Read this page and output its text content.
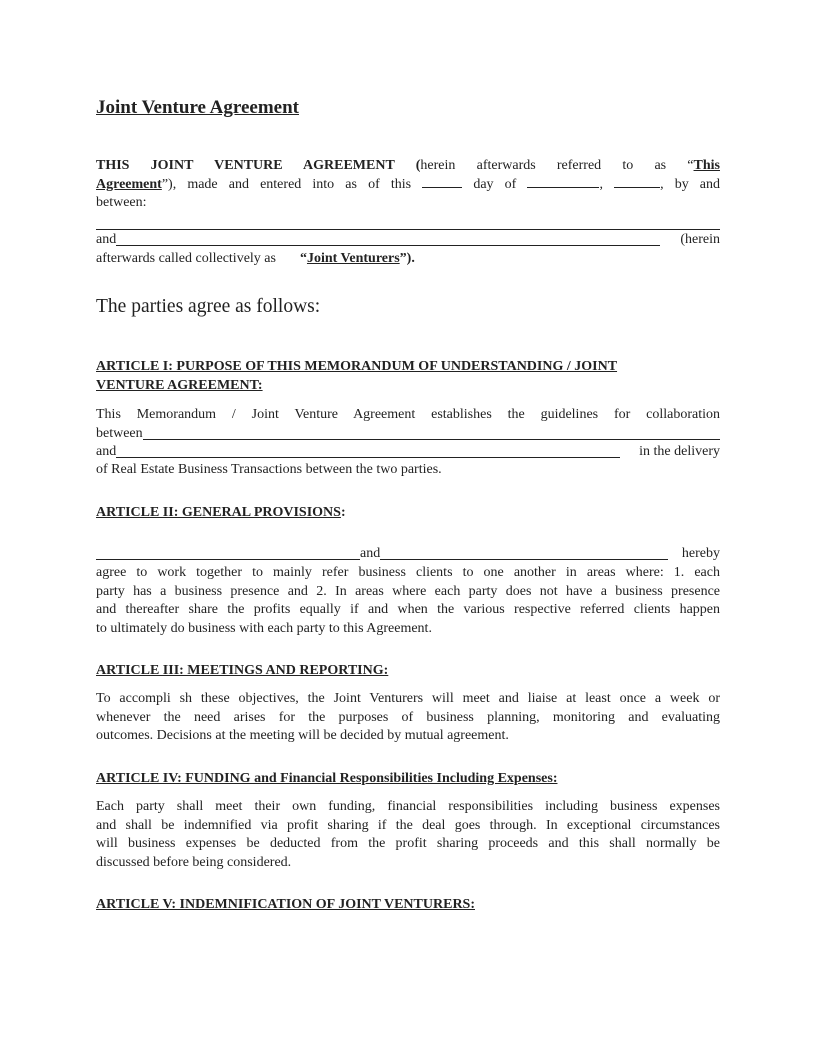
Joint Venture Agreement
THIS JOINT VENTURE AGREEMENT (herein afterwards referred to as “This
Agreement”), made and entered into as of this	day of	,	, by and
between:
and	(herein
afterwards called collectively as “ Joint Venturers ”).
The parties agree as follows:
ARTICLE I: PURPOSE OF THIS MEMORANDUM OF UNDERSTANDING / JOINT
VENTURE AGREEMENT:
This Memorandum / Joint Venture Agreement establishes the guidelines for collaboration
between
and	in the delivery
of Real Estate Business Transactions between the two parties.
ARTICLE II: GENERAL PROVISIONS:
and	hereby
agree to work together to mainly refer business clients to one another in areas where: 1. each
party has a business presence and 2. In areas where each party does not have a business presence
and thereafter share the profits equally if and when the various respective referred clients happen
to ultimately do business with each party to this Agreement.
ARTICLE III: MEETINGS AND REPORTING:
To accompli sh these objectives, the Joint Venturers will meet and liaise at least once a week or
whenever the need arises for the purposes of business planning, monitoring and evaluating
outcomes. Decisions at the meeting will be decided by mutual agreement.
ARTICLE IV: FUNDING and Financial Responsibilities Including Expenses:
Each party shall meet their own funding, financial responsibilities including business expenses
and shall be indemnified via profit sharing if the deal goes through. In exceptional circumstances
will business expenses be deducted from the profit sharing proceeds and this shall normally be
discussed before being considered.
ARTICLE V: INDEMNIFICATION OF JOINT VENTURERS:
